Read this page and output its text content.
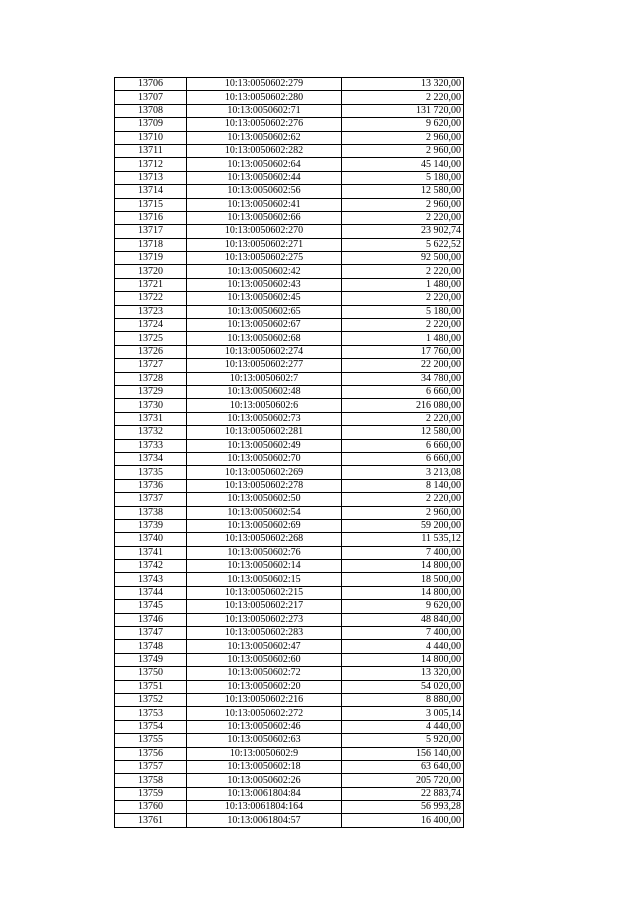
13706	10:13:0050602:279	13 320,00
13707	10:13:0050602:280	2 220,00
13708	10:13:0050602:71	131 720,00
13709	10:13:0050602:276	9 620,00
13710	10:13:0050602:62	2 960,00
13711	10:13:0050602:282	2 960,00
13712	10:13:0050602:64	45 140,00
13713	10:13:0050602:44	5 180,00
13714	10:13:0050602:56	12 580,00
13715	10:13:0050602:41	2 960,00
13716	10:13:0050602:66	2 220,00
13717	10:13:0050602:270	23 902,74
13718	10:13:0050602:271	5 622,52
13719	10:13:0050602:275	92 500,00
13720	10:13:0050602:42	2 220,00
13721	10:13:0050602:43	1 480,00
13722	10:13:0050602:45	2 220,00
13723	10:13:0050602:65	5 180,00
13724	10:13:0050602:67	2 220,00
13725	10:13:0050602:68	1 480,00
13726	10:13:0050602:274	17 760,00
13727	10:13:0050602:277	22 200,00
13728	10:13:0050602:7	34 780,00
13729	10:13:0050602:48	6 660,00
13730	10:13:0050602:6	216 080,00
13731	10:13:0050602:73	2 220,00
13732	10:13:0050602:281	12 580,00
13733	10:13:0050602:49	6 660,00
13734	10:13:0050602:70	6 660,00
13735	10:13:0050602:269	3 213,08
13736	10:13:0050602:278	8 140,00
13737	10:13:0050602:50	2 220,00
13738	10:13:0050602:54	2 960,00
13739	10:13:0050602:69	59 200,00
13740	10:13:0050602:268	11 535,12
13741	10:13:0050602:76	7 400,00
13742	10:13:0050602:14	14 800,00
13743	10:13:0050602:15	18 500,00
13744	10:13:0050602:215	14 800,00
13745	10:13:0050602:217	9 620,00
13746	10:13:0050602:273	48 840,00
13747	10:13:0050602:283	7 400,00
13748	10:13:0050602:47	4 440,00
13749	10:13:0050602:60	14 800,00
13750	10:13:0050602:72	13 320,00
13751	10:13:0050602:20	54 020,00
13752	10:13:0050602:216	8 880,00
13753	10:13:0050602:272	3 005,14
13754	10:13:0050602:46	4 440,00
13755	10:13:0050602:63	5 920,00
13756	10:13:0050602:9	156 140,00
13757	10:13:0050602:18	63 640,00
13758	10:13:0050602:26	205 720,00
13759	10:13:0061804:84	22 883,74
13760	10:13:0061804:164	56 993,28
13761	10:13:0061804:57	16 400,00
